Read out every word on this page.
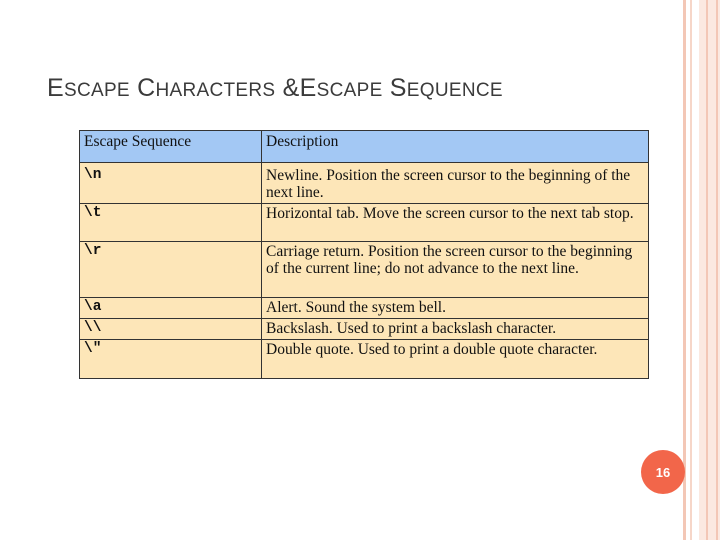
ESCAPE CHARACTERS &ESCAPE SEQUENCE
Escape Sequence	Description
\n	Newline. Position the screen cursor to the beginning of the next line.
\t	Horizontal tab. Move the screen cursor to the next tab stop.
\r	Carriage return. Position the screen cursor to the beginning of the current line; do not advance to the next line.
\a	Alert. Sound the system bell.
\\	Backslash. Used to print a backslash character.
\"	Double quote. Used to print a double quote character.
16
